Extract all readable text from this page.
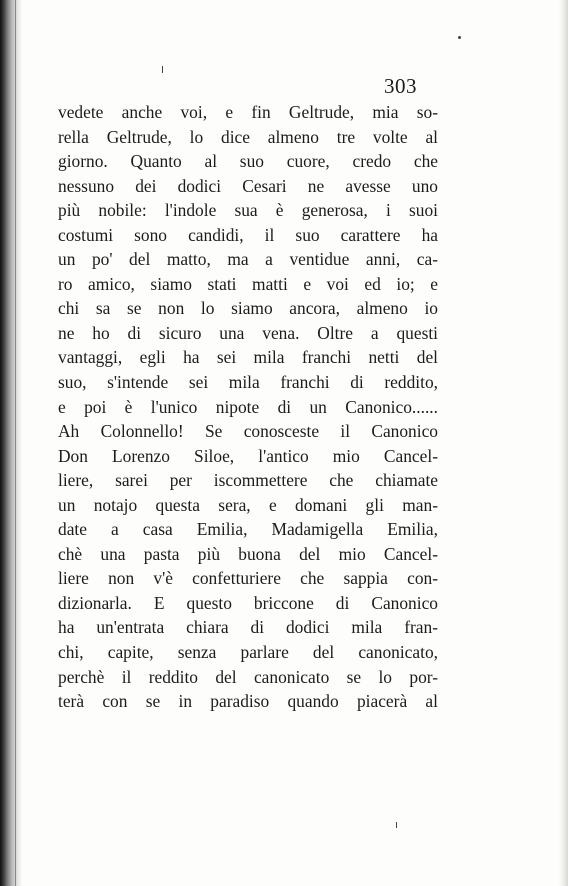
303
vedete anche voi, e fin Geltrude, mia so-
rella Geltrude, lo dice almeno tre volte al
giorno. Quanto al suo cuore, credo che
nessuno dei dodici Cesari ne avesse uno
più nobile: l'indole sua è generosa, i suoi
costumi sono candidi, il suo carattere ha
un po' del matto, ma a ventidue anni, ca-
ro amico, siamo stati matti e voi ed io; e
chi sa se non lo siamo ancora, almeno io
ne ho di sicuro una vena. Oltre a questi
vantaggi, egli ha sei mila franchi netti del
suo, s'intende sei mila franchi di reddito,
e poi è l'unico nipote di un Canonico......
Ah Colonnello! Se conosceste il Canonico
Don Lorenzo Siloe, l'antico mio Cancel-
liere, sarei per iscommettere che chiamate
un notajo questa sera, e domani gli man-
date a casa Emilia, Madamigella Emilia,
chè una pasta più buona del mio Cancel-
liere non v'è confetturiere che sappia con-
dizionarla. E questo briccone di Canonico
ha un'entrata chiara di dodici mila fran-
chi, capite, senza parlare del canonicato,
perchè il reddito del canonicato se lo por-
terà con se in paradiso quando piacerà al
